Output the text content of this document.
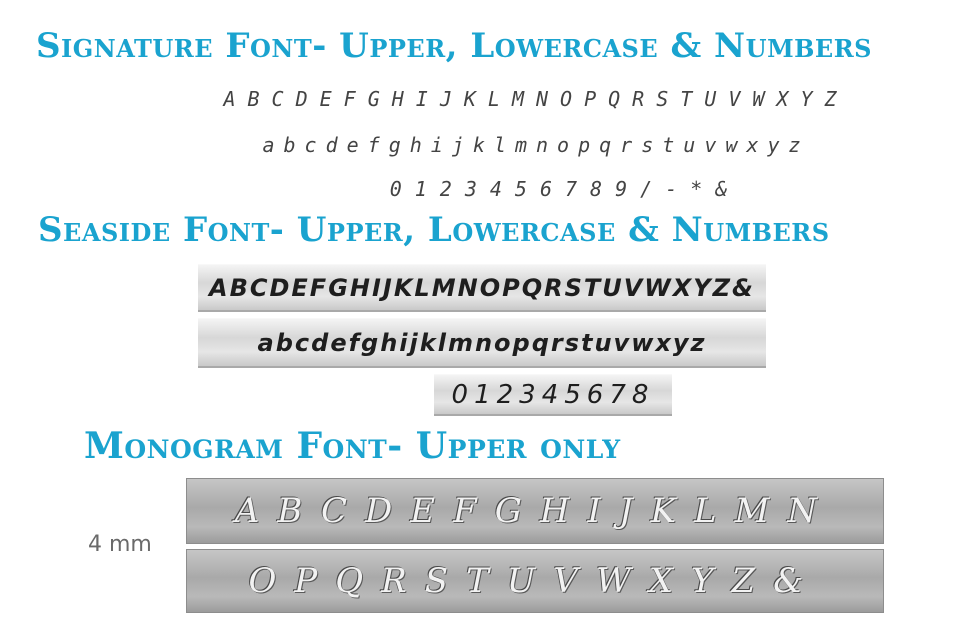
Signature Font- Upper, Lowercase & Numbers

ABCDEFGHIJKLMNOPQRSTUVWXYZ

abcdefghijklmnopqrstuvwxyz

0123456789/-*&

Seaside Font- Upper, Lowercase & Numbers

ABCDEFGHIJKLMNOPQRSTUVWXYZ&

abcdefghijklmnopqrstuvwxyz

012345678

Monogram Font- Upper only

4 mm

ABCDEFGHIJKLMN

OPQRSTUVWXYZ&
